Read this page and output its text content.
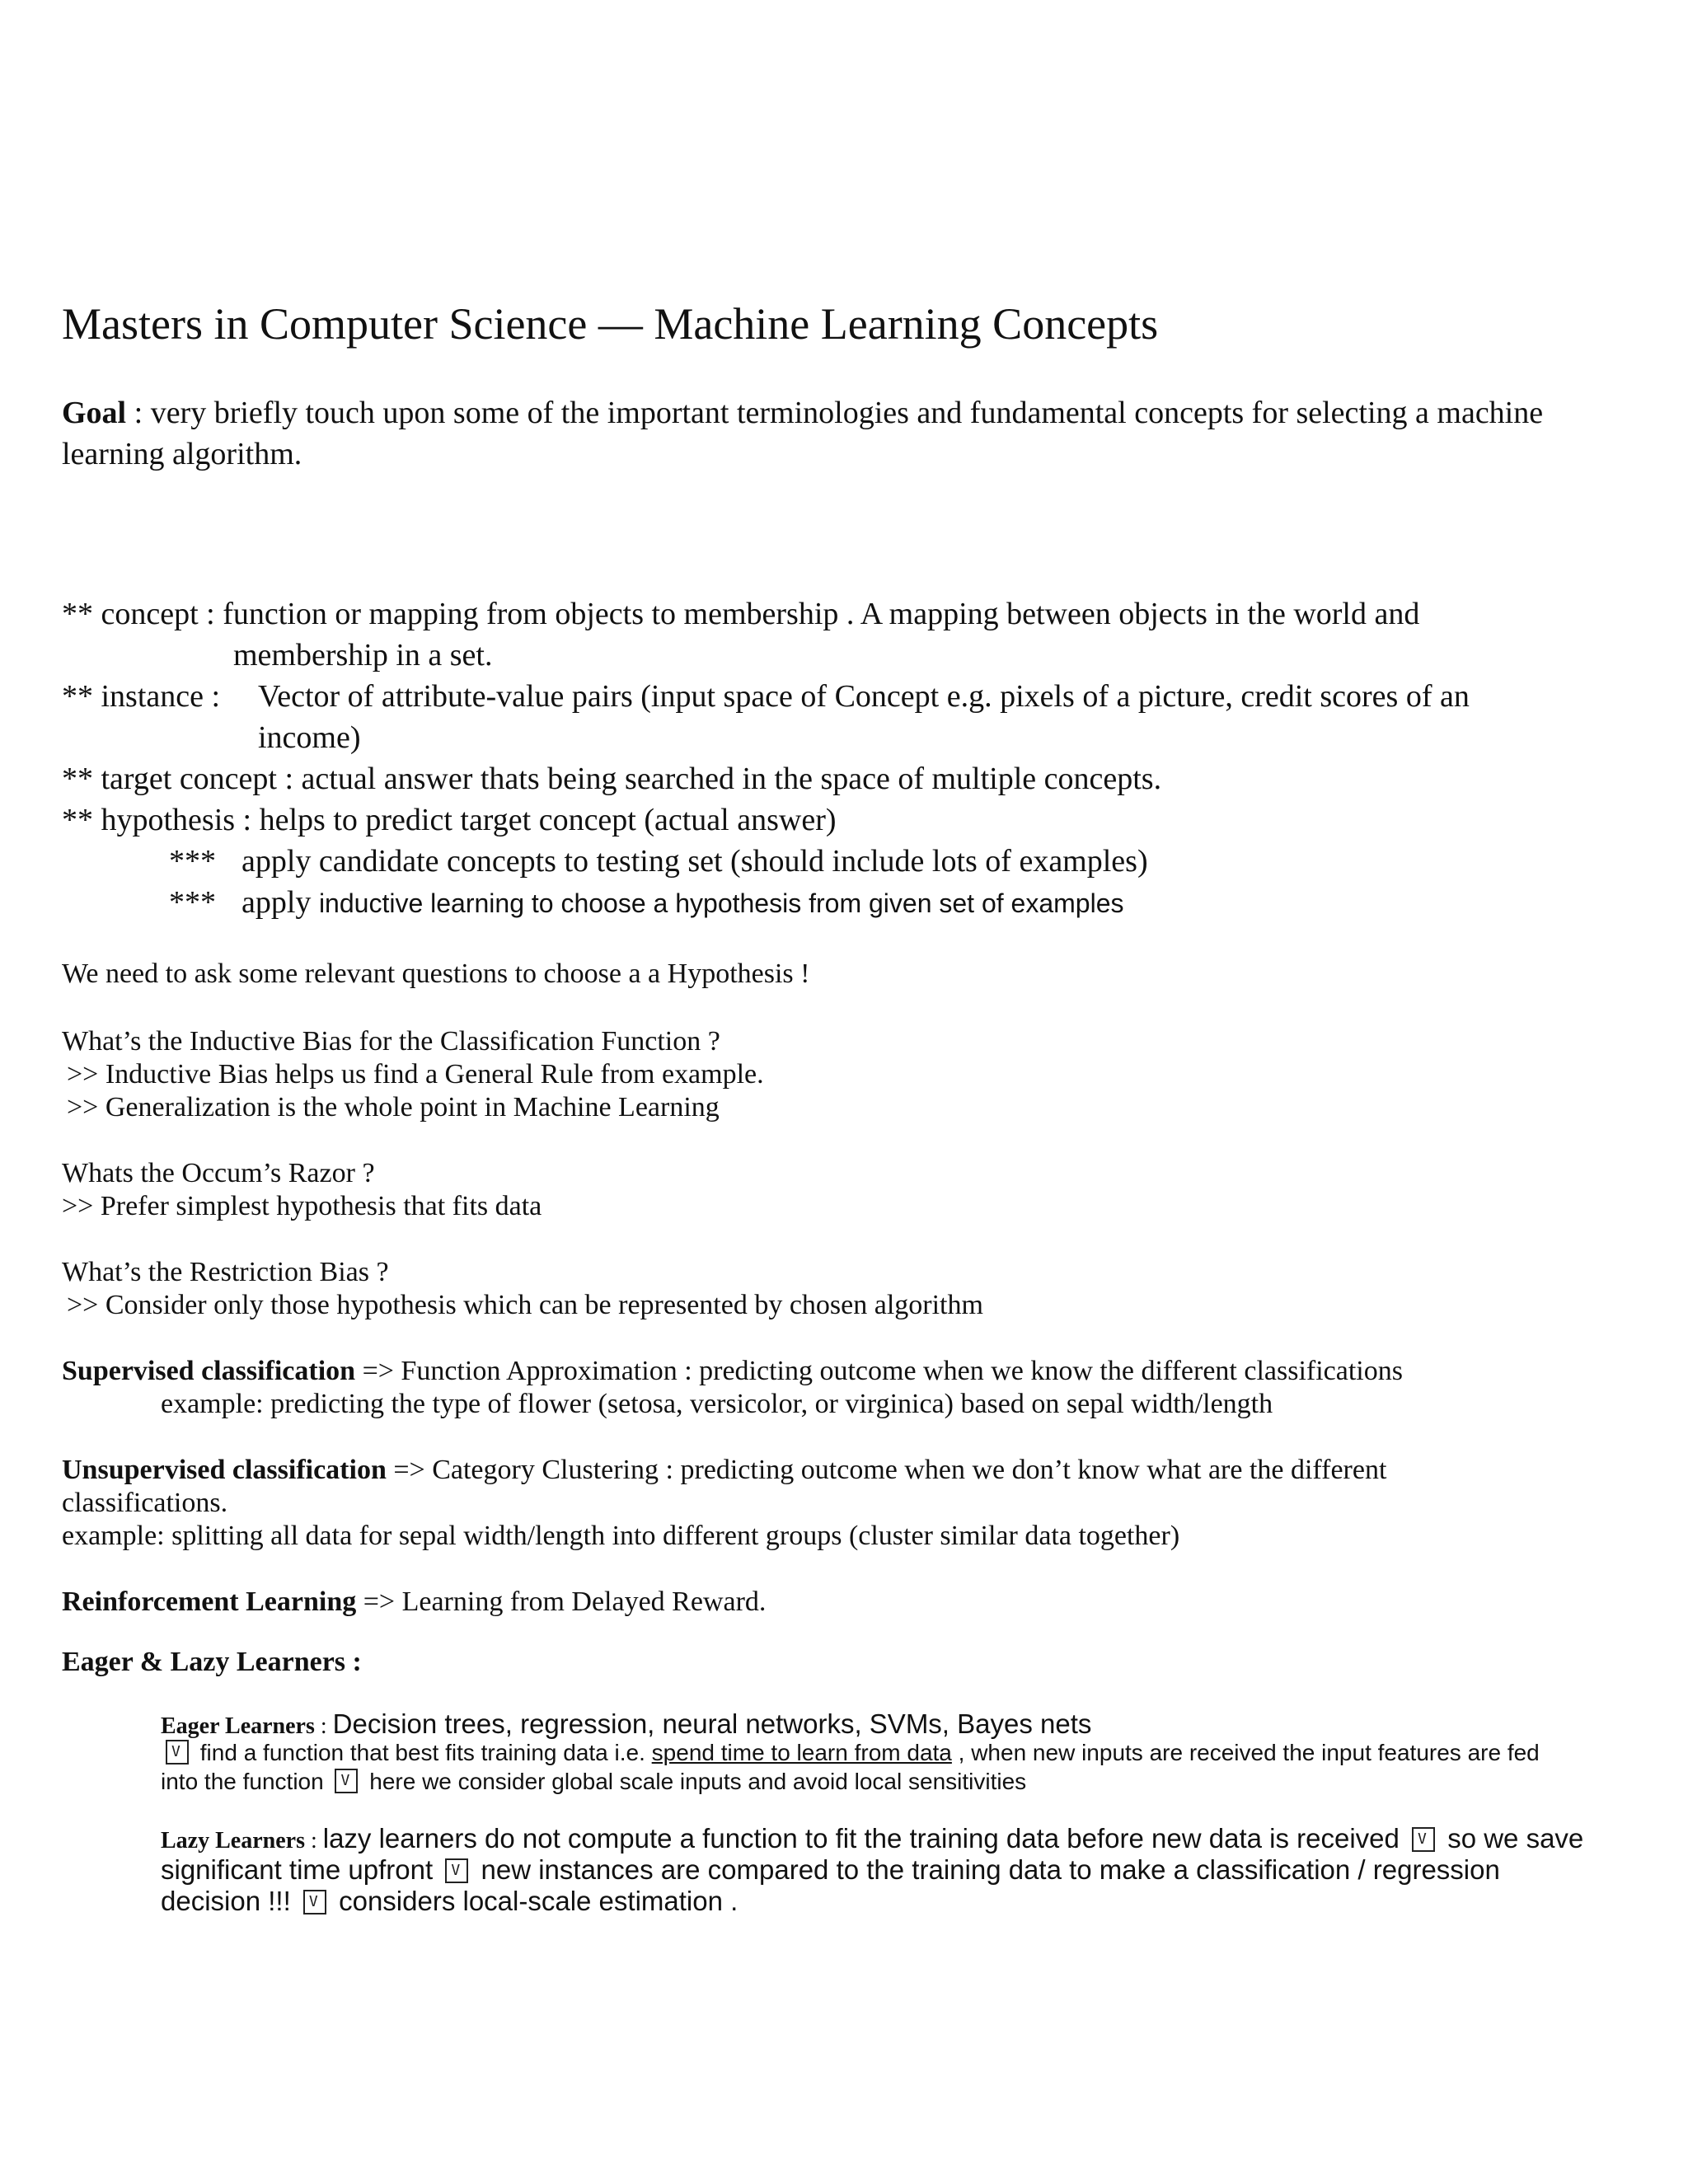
Masters in Computer Science — Machine Learning Concepts
Goal : very briefly touch upon some of the important terminologies and fundamental concepts for selecting a machine learning algorithm.
** concept : function or mapping from objects to membership . A mapping between objects in the world and
membership in a set.
** instance : Vector of attribute-value pairs (input space of Concept e.g. pixels of a picture, credit scores of an
income)
** target concept : actual answer thats being searched in the space of multiple concepts.
** hypothesis : helps to predict target concept (actual answer)
*** apply candidate concepts to testing set (should include lots of examples)
*** apply inductive learning to choose a hypothesis from given set of examples
We need to ask some relevant questions to choose a a Hypothesis !
What’s the Inductive Bias for the Classification Function ?
>> Inductive Bias helps us find a General Rule from example.
>> Generalization is the whole point in Machine Learning
Whats the Occum’s Razor ?
>> Prefer simplest hypothesis that fits data
What’s the Restriction Bias ?
>> Consider only those hypothesis which can be represented by chosen algorithm
Supervised classification => Function Approximation : predicting outcome when we know the different classifications
example: predicting the type of flower (setosa, versicolor, or virginica) based on sepal width/length
Unsupervised classification => Category Clustering : predicting outcome when we don’t know what are the different
classifications.
example: splitting all data for sepal width/length into different groups (cluster similar data together)
Reinforcement Learning => Learning from Delayed Reward.
Eager & Lazy Learners :
Eager Learners : Decision trees, regression, neural networks, SVMs, Bayes nets
V find a function that best fits training data i.e. spend time to learn from data , when new inputs are received the input features are fed
into the function V here we consider global scale inputs and avoid local sensitivities
Lazy Learners : lazy learners do not compute a function to fit the training data before new data is received V so we save
significant time upfront V new instances are compared to the training data to make a classification / regression
decision !!! V considers local-scale estimation .
